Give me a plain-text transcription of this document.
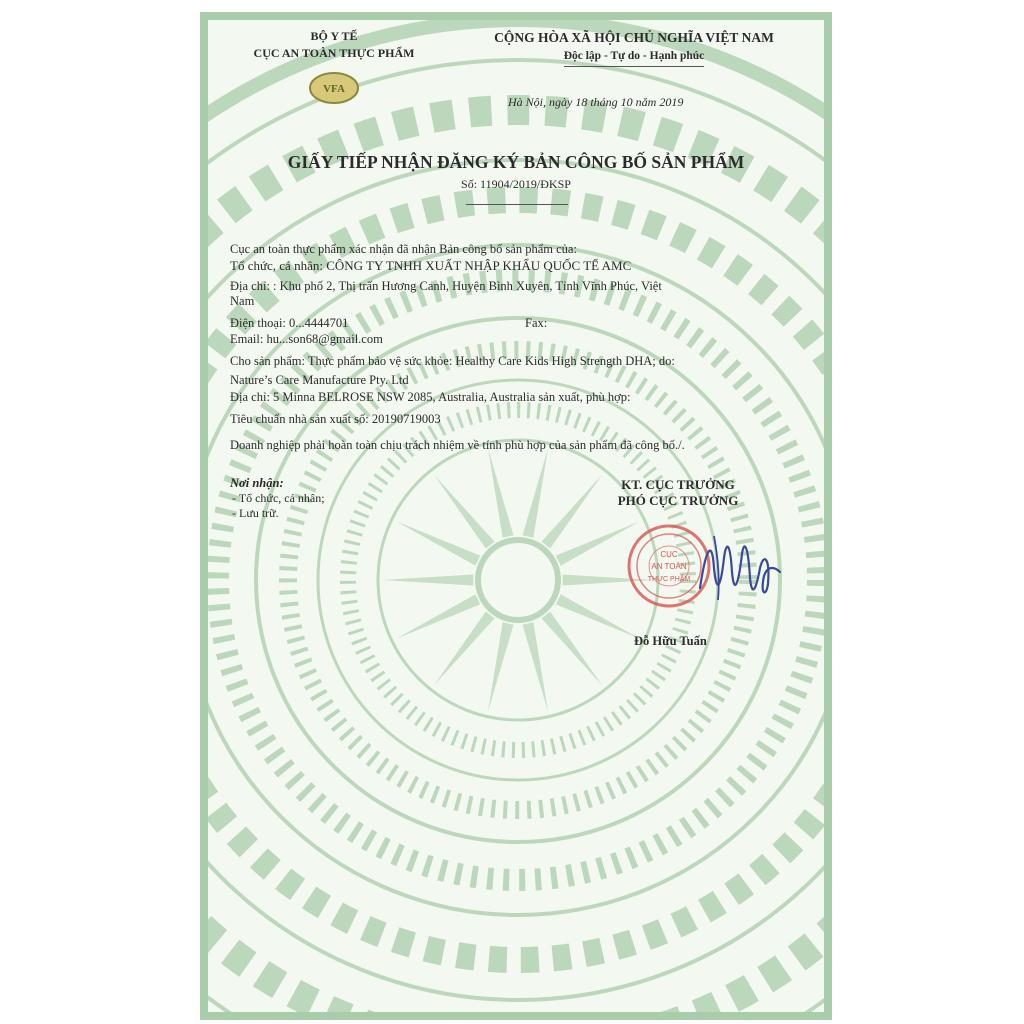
BỘ Y TẾ
CỤC AN TOÀN THỰC PHẨM
VFA
CỘNG HÒA XÃ HỘI CHỦ NGHĨA VIỆT NAM
Độc lập - Tự do - Hạnh phúc
Hà Nội, ngày 18 tháng 10 năm 2019
GIẤY TIẾP NHẬN ĐĂNG KÝ BẢN CÔNG BỐ SẢN PHẨM
Số: 11904/2019/ĐKSP
Cục an toàn thực phẩm xác nhận đã nhận Bản công bố sản phẩm của:
Tổ chức, cá nhân: CÔNG TY TNHH XUẤT NHẬP KHẨU QUỐC TẾ AMC
Địa chỉ: : Khu phố 2, Thị trấn Hương Canh, Huyện Bình Xuyên, Tỉnh Vĩnh Phúc, Việt
Nam
Điện thoại: 0...4444701	Fax:
Email: hu...son68@gmail.com
Cho sản phẩm: Thực phẩm bảo vệ sức khỏe: Healthy Care Kids High Strength DHA; do:
Nature’s Care Manufacture Pty. Ltd
Địa chỉ: 5 Minna BELROSE NSW 2085, Australia, Australia sản xuất, phù hợp:
Tiêu chuẩn nhà sản xuất số: 20190719003
Doanh nghiệp phải hoàn toàn chịu trách nhiệm về tính phù hợp của sản phẩm đã công bố./.
Nơi nhận:
- Tổ chức, cá nhân;
- Lưu trữ.
KT. CỤC TRƯỞNG
PHÓ CỤC TRƯỞNG
CỤC
AN TOÀN
THỰC PHẨM
Đỗ Hữu Tuấn
